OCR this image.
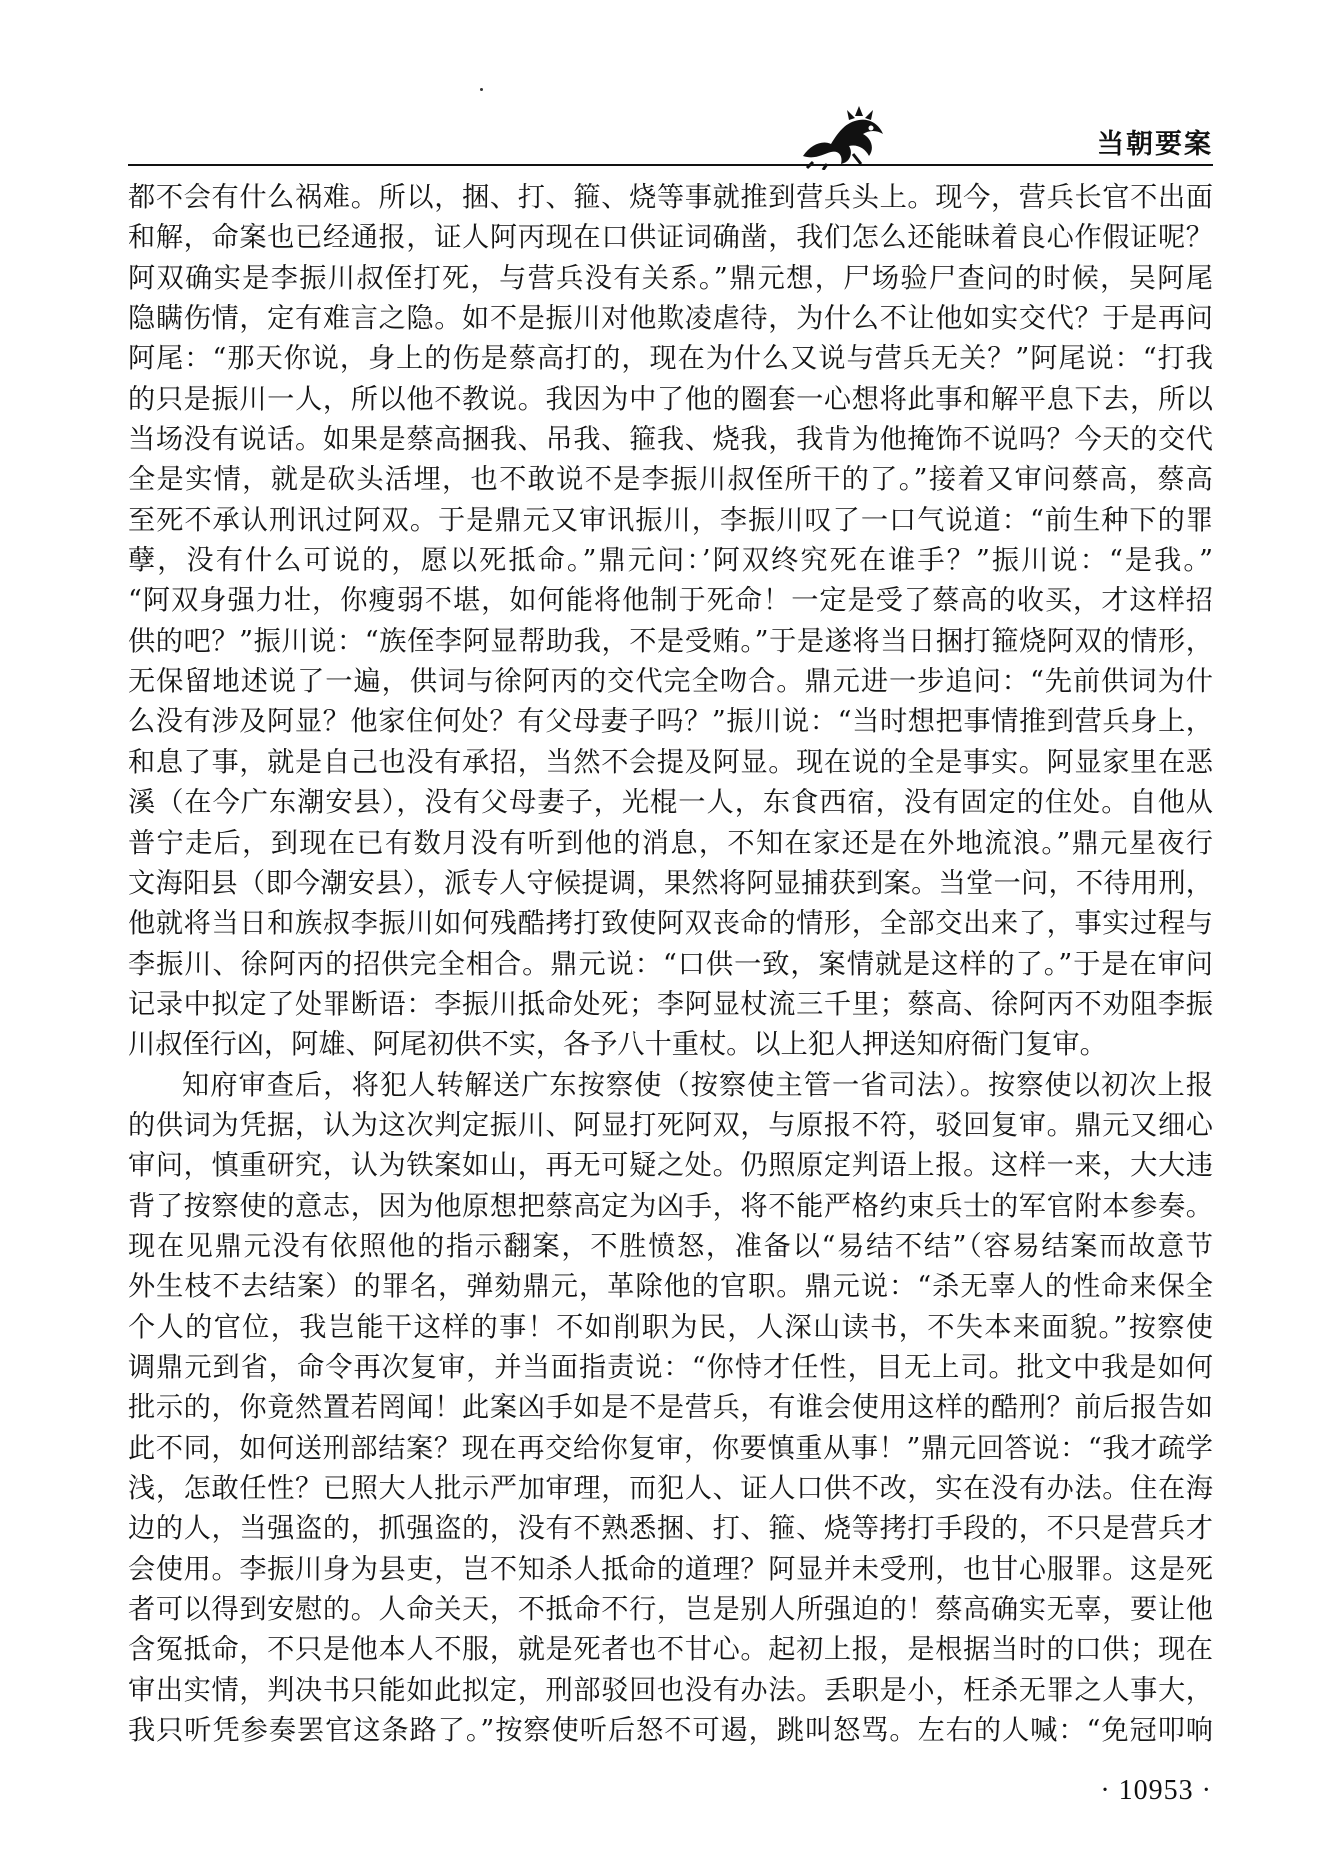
当朝要案
都不会有什么祸难。所以，捆、打、箍、烧等事就推到营兵头上。现今，营兵长官不出面
和解，命案也已经通报，证人阿丙现在口供证词确凿，我们怎么还能昧着良心作假证呢？
阿双确实是李振川叔侄打死，与营兵没有关系。”鼎元想，尸场验尸查问的时候，吴阿尾
隐瞒伤情，定有难言之隐。如不是振川对他欺凌虐待，为什么不让他如实交代？于是再问
阿尾：“那天你说，身上的伤是蔡高打的，现在为什么又说与营兵无关？”阿尾说：“打我
的只是振川一人，所以他不教说。我因为中了他的圈套一心想将此事和解平息下去，所以
当场没有说话。如果是蔡高捆我、吊我、箍我、烧我，我肯为他掩饰不说吗？今天的交代
全是实情，就是砍头活埋，也不敢说不是李振川叔侄所干的了。”接着又审问蔡高，蔡高
至死不承认刑讯过阿双。于是鼎元又审讯振川，李振川叹了一口气说道：“前生种下的罪
孽，没有什么可说的，愿以死抵命。”鼎元问：’阿双终究死在谁手？”振川说：“是我。”
“阿双身强力壮，你瘦弱不堪，如何能将他制于死命！一定是受了蔡高的收买，才这样招
供的吧？”振川说：“族侄李阿显帮助我，不是受贿。”于是遂将当日捆打箍烧阿双的情形，
无保留地述说了一遍，供词与徐阿丙的交代完全吻合。鼎元进一步追问：“先前供词为什
么没有涉及阿显？他家住何处？有父母妻子吗？”振川说：“当时想把事情推到营兵身上，
和息了事，就是自己也没有承招，当然不会提及阿显。现在说的全是事实。阿显家里在恶
溪（在今广东潮安县），没有父母妻子，光棍一人，东食西宿，没有固定的住处。自他从
普宁走后，到现在已有数月没有听到他的消息，不知在家还是在外地流浪。”鼎元星夜行
文海阳县（即今潮安县），派专人守候提调，果然将阿显捕获到案。当堂一问，不待用刑，
他就将当日和族叔李振川如何残酷拷打致使阿双丧命的情形，全部交出来了，事实过程与
李振川、徐阿丙的招供完全相合。鼎元说：“口供一致，案情就是这样的了。”于是在审问
记录中拟定了处罪断语：李振川抵命处死；李阿显杖流三千里；蔡高、徐阿丙不劝阻李振
川叔侄行凶，阿雄、阿尾初供不实，各予八十重杖。以上犯人押送知府衙门复审。
知府审查后，将犯人转解送广东按察使（按察使主管一省司法）。按察使以初次上报
的供词为凭据，认为这次判定振川、阿显打死阿双，与原报不符，驳回复审。鼎元又细心
审问，慎重研究，认为铁案如山，再无可疑之处。仍照原定判语上报。这样一来，大大违
背了按察使的意志，因为他原想把蔡高定为凶手，将不能严格约束兵士的军官附本参奏。
现在见鼎元没有依照他的指示翻案，不胜愤怒，准备以“易结不结”（容易结案而故意节
外生枝不去结案）的罪名，弹劾鼎元，革除他的官职。鼎元说：“杀无辜人的性命来保全
个人的官位，我岂能干这样的事！不如削职为民，人深山读书，不失本来面貌。”按察使
调鼎元到省，命令再次复审，并当面指责说：“你恃才任性，目无上司。批文中我是如何
批示的，你竟然置若罔闻！此案凶手如是不是营兵，有谁会使用这样的酷刑？前后报告如
此不同，如何送刑部结案？现在再交给你复审，你要慎重从事！”鼎元回答说：“我才疏学
浅，怎敢任性？已照大人批示严加审理，而犯人、证人口供不改，实在没有办法。住在海
边的人，当强盗的，抓强盗的，没有不熟悉捆、打、箍、烧等拷打手段的，不只是营兵才
会使用。李振川身为县吏，岂不知杀人抵命的道理？阿显并未受刑，也甘心服罪。这是死
者可以得到安慰的。人命关天，不抵命不行，岂是别人所强迫的！蔡高确实无辜，要让他
含冤抵命，不只是他本人不服，就是死者也不甘心。起初上报，是根据当时的口供；现在
审出实情，判决书只能如此拟定，刑部驳回也没有办法。丢职是小，枉杀无罪之人事大，
我只听凭参奏罢官这条路了。”按察使听后怒不可遏，跳叫怒骂。左右的人喊：“免冠叩响
· 10953 ·
